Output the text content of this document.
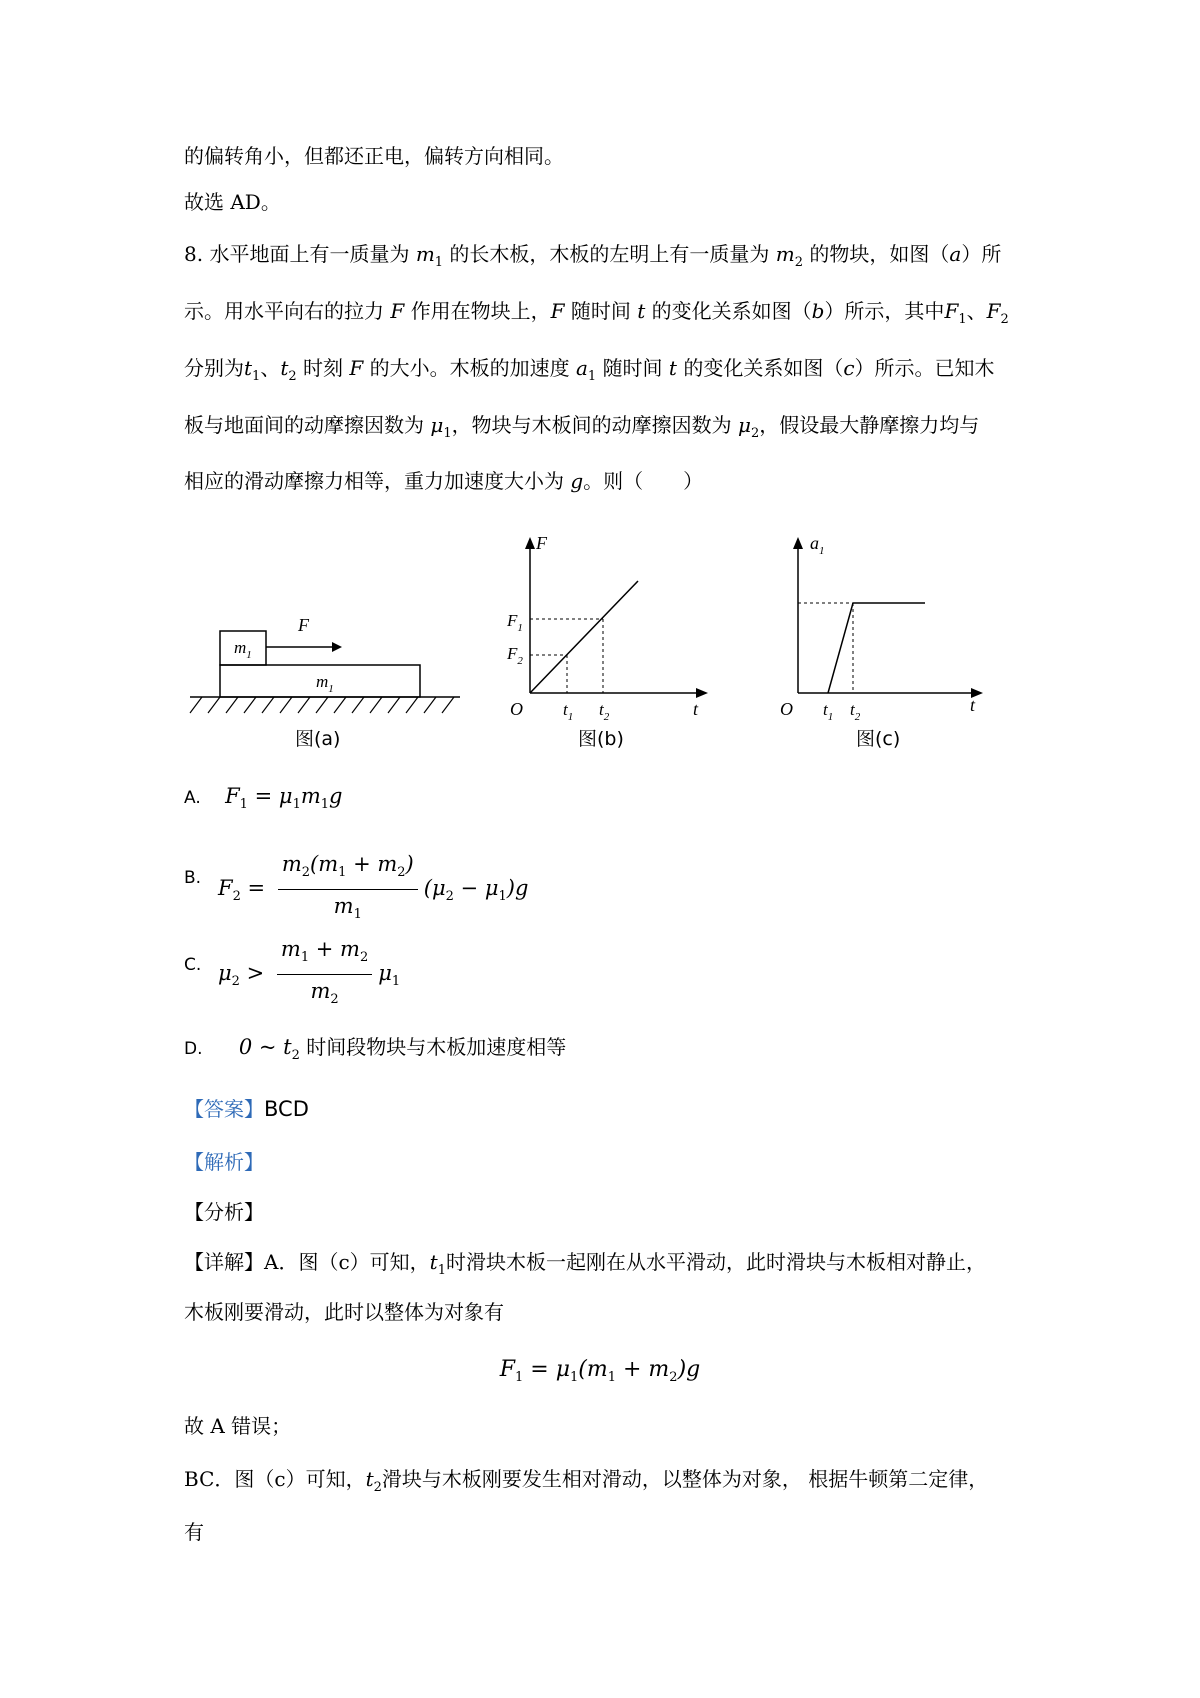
的偏转角小，但都还正电，偏转方向相同。
故选 AD。
8. 水平地面上有一质量为 $m_1$ 的长木板，木板的左明上有一质量为 $m_2$ 的物块，如图（a）所
示。用水平向右的拉力 F 作用在物块上，F 随时间 t 的变化关系如图（b）所示，其中$F_1$、$F_2$
分别为$t_1$、$t_2$ 时刻 F 的大小。木板的加速度 $a_1$ 随时间 t 的变化关系如图（c）所示。已知木
板与地面间的动摩擦因数为 $\mu_1$，物块与木板间的动摩擦因数为 $\mu_2$，假设最大静摩擦力均与
相应的滑动摩擦力相等，重力加速度大小为 g。则（　　）
$m_1$
F
$m_1$
图(a)
F
$F_1$
$F_2$
O $t_1$ $t_2$	t
图(b)
$a_1$
O $t_1$ $t_2$
t
图(c)
A. $F_1 = \mu_1m_1g$
$_{B.}$ $F_2 = \frac{m_2(m_1 + m_2)}{m_1} (\mu_2 - \mu_1)g$
$_{C.}$ $\mu_2 > \frac{m_1 + m_2}{m_2} \mu_1$
D. 0 ~ $t_2$ 时间段物块与木板加速度相等
【答案】BCD
【解析】
【分析】
【详解】A．图（c）可知，$t_1$时滑块木板一起刚在从水平滑动，此时滑块与木板相对静止，
木板刚要滑动，此时以整体为对象有
$F_1 = \mu_1(m_1 + m_2)g$
故 A 错误；
BC．图（c）可知，$t_2$滑块与木板刚要发生相对滑动，以整体为对象， 根据牛顿第二定律，
有
